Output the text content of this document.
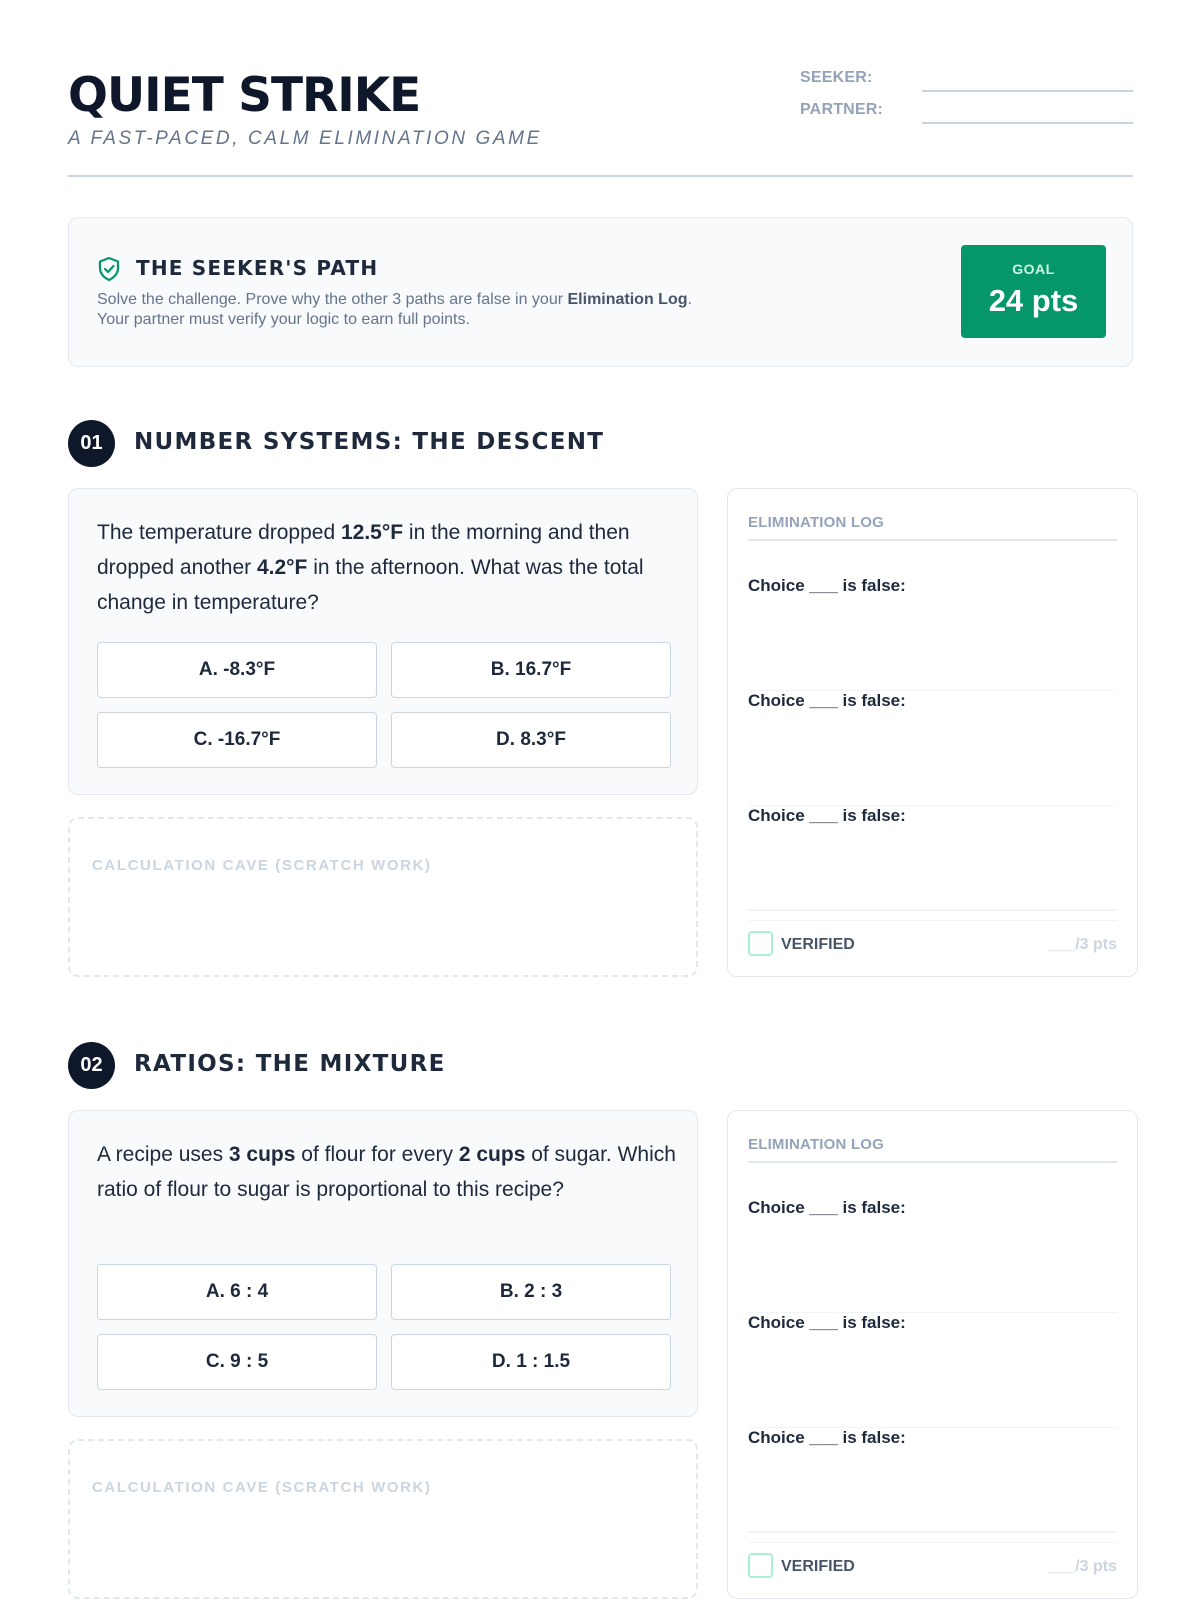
QUIET STRIKE
A FAST-PACED, CALM ELIMINATION GAME
SEEKER:
PARTNER:
THE SEEKER'S PATH
Solve the challenge. Prove why the other 3 paths are false in your Elimination Log.
Your partner must verify your logic to earn full points.
GOAL
24 pts
01	NUMBER SYSTEMS: THE DESCENT
The temperature dropped 12.5°F in the morning and then dropped another 4.2°F in the afternoon. What was the total change in temperature?
A. -8.3°F	B. 16.7°F
C. -16.7°F	D. 8.3°F
CALCULATION CAVE (SCRATCH WORK)
ELIMINATION LOG
Choice ___ is false:
Choice ___ is false:
Choice ___ is false:
VERIFIED	___/3 pts
02	RATIOS: THE MIXTURE
A recipe uses 3 cups of flour for every 2 cups of sugar. Which ratio of flour to sugar is proportional to this recipe?
A. 6 : 4	B. 2 : 3
C. 9 : 5	D. 1 : 1.5
CALCULATION CAVE (SCRATCH WORK)
ELIMINATION LOG
Choice ___ is false:
Choice ___ is false:
Choice ___ is false:
VERIFIED	___/3 pts
